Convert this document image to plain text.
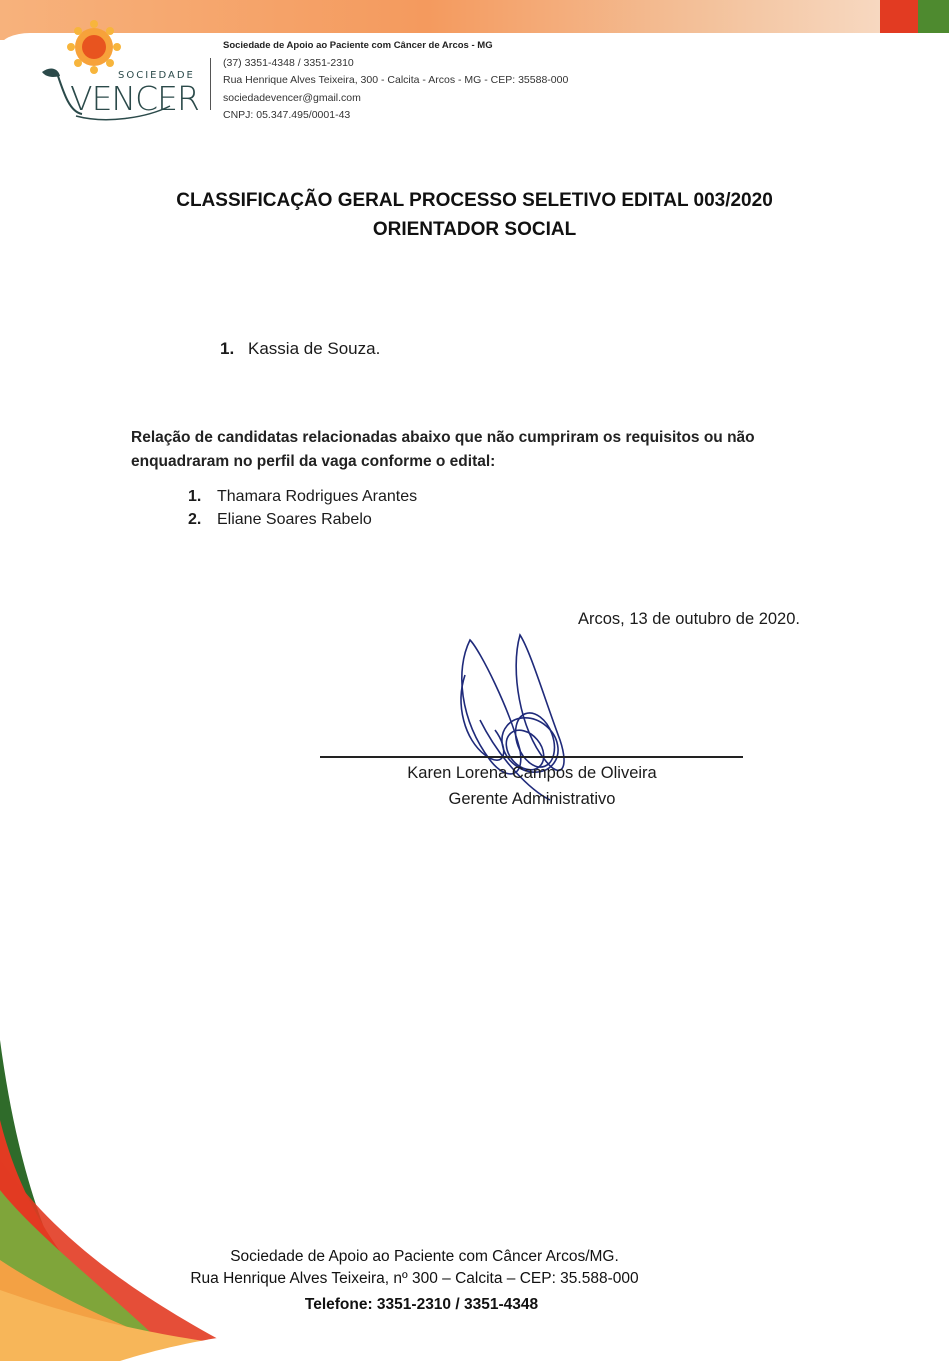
SOCIEDADE
VENCER
Sociedade de Apoio ao Paciente com Câncer de Arcos - MG
(37) 3351-4348 / 3351-2310
Rua Henrique Alves Teixeira, 300 - Calcita - Arcos - MG - CEP: 35588-000
sociedadevencer@gmail.com
CNPJ: 05.347.495/0001-43
CLASSIFICAÇÃO GERAL PROCESSO SELETIVO EDITAL 003/2020
ORIENTADOR SOCIAL
1. Kassia de Souza.
Relação de candidatas relacionadas abaixo que não cumpriram os requisitos ou não enquadraram no perfil da vaga conforme o edital:
1. Thamara Rodrigues Arantes
2. Eliane Soares Rabelo
Arcos, 13 de outubro de 2020.
Karen Lorena Campos de Oliveira
Gerente Administrativo
Sociedade de Apoio ao Paciente com Câncer Arcos/MG.
Rua Henrique Alves Teixeira, nº 300 – Calcita – CEP: 35.588-000
Telefone: 3351-2310 / 3351-4348
